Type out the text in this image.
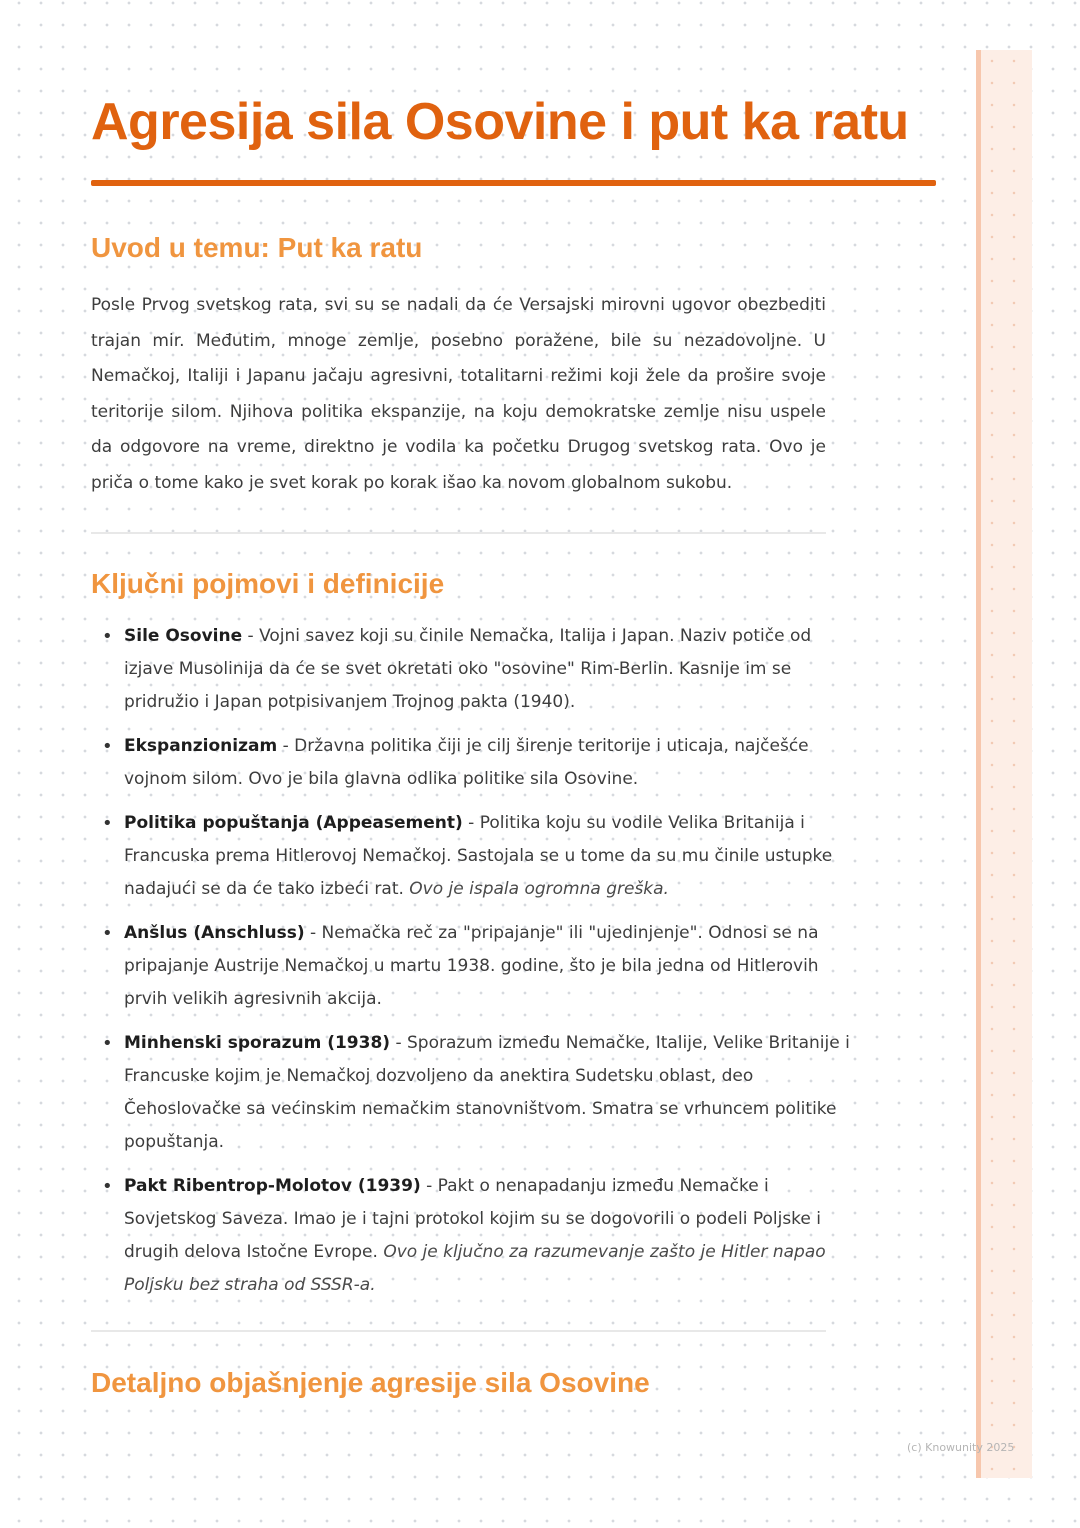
Agresija sila Osovine i put ka ratu
Uvod u temu: Put ka ratu

Posle Prvog svetskog rata, svi su se nadali da će Versajski mirovni ugovor obezbediti trajan mir. Međutim, mnoge zemlje, posebno poražene, bile su nezadovoljne. U Nemačkoj, Italiji i Japanu jačaju agresivni, totalitarni režimi koji žele da prošire svoje teritorije silom. Njihova politika ekspanzije, na koju demokratske zemlje nisu uspele da odgovore na vreme, direktno je vodila ka početku Drugog svetskog rata. Ovo je priča o tome kako je svet korak po korak išao ka novom globalnom sukobu.

Ključni pojmovi i definicije
• Sile Osovine - Vojni savez koji su činile Nemačka, Italija i Japan. Naziv potiče od izjave Musolinija da će se svet okretati oko "osovine" Rim-Berlin. Kasnije im se pridružio i Japan potpisivanjem Trojnog pakta (1940).
• Ekspanzionizam - Državna politika čiji je cilj širenje teritorije i uticaja, najčešće vojnom silom. Ovo je bila glavna odlika politike sila Osovine.
• Politika popuštanja (Appeasement) - Politika koju su vodile Velika Britanija i Francuska prema Hitlerovoj Nemačkoj. Sastojala se u tome da su mu činile ustupke nadajući se da će tako izbeći rat. Ovo je ispala ogromna greška.
• Anšlus (Anschluss) - Nemačka reč za "pripajanje" ili "ujedinjenje". Odnosi se na pripajanje Austrije Nemačkoj u martu 1938. godine, što je bila jedna od Hitlerovih prvih velikih agresivnih akcija.
• Minhenski sporazum (1938) - Sporazum između Nemačke, Italije, Velike Britanije i Francuske kojim je Nemačkoj dozvoljeno da anektira Sudetsku oblast, deo Čehoslovačke sa većinskim nemačkim stanovništvom. Smatra se vrhuncem politike popuštanja.
• Pakt Ribentrop-Molotov (1939) - Pakt o nenapadanju između Nemačke i Sovjetskog Saveza. Imao je i tajni protokol kojim su se dogovorili o podeli Poljske i drugih delova Istočne Evrope. Ovo je ključno za razumevanje zašto je Hitler napao Poljsku bez straha od SSSR-a.
Detaljno objašnjenje agresije sila Osovine
(c) Knowunity 2025
